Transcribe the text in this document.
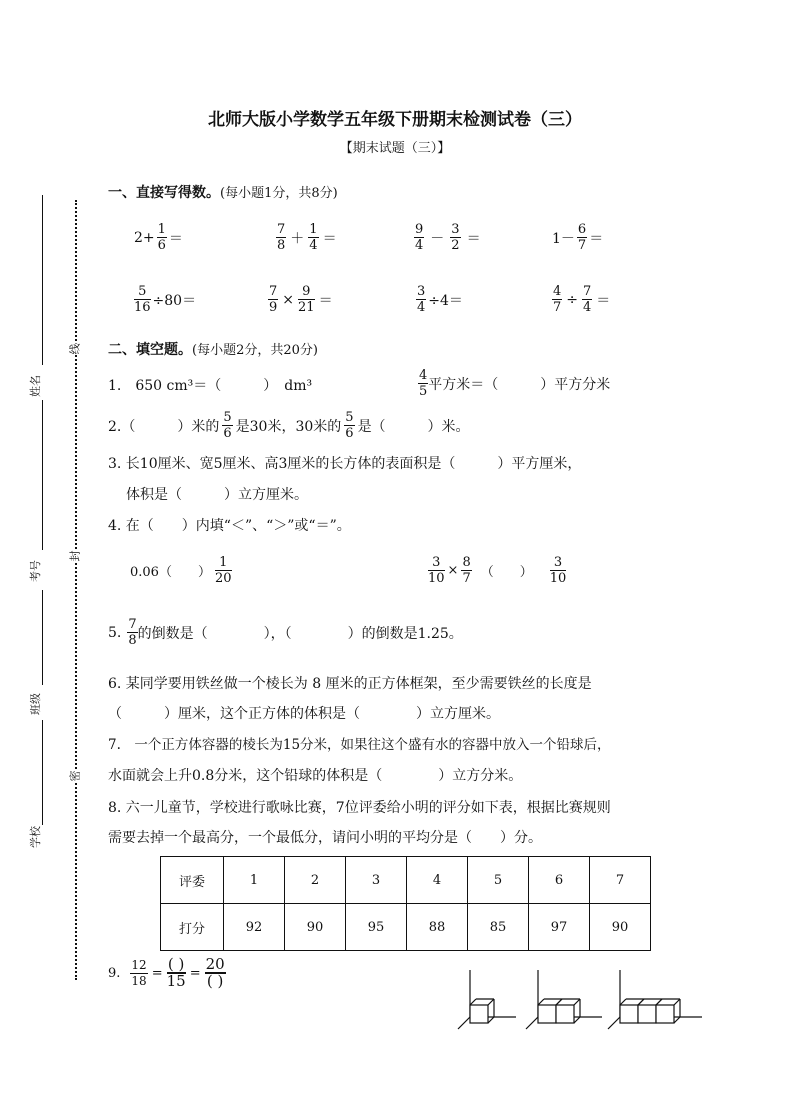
北师大版小学数学五年级下册期末检测试卷（三）
【期末试题（三）】
姓名
考号
班级
学校
线
封
密
一、直接写得数。(每小题1分，共8分)
$2+ \frac{1}{6}$ ＝
7
8 ＋
1
4 ＝
9
4 －
3
2 ＝	1－
6
7 ＝
$\frac{5}{16} \div 80=$	$\frac{7}{9} \times \frac{9}{21}$ ＝	$\frac{3}{4} \div 4=$	$\frac{4}{7} \div \frac{7}{4}$ ＝
二、填空题。(每小题2分，共20分)
1.　650 cm³＝（　　　）　dm³
4
5 平方米＝（　　　）平方分米
2.（　　　）米的
5
6 是30米，30米的
5
6 是（　　　）米。
3. 长10厘米、宽5厘米、高3厘米的长方体的表面积是（　　　）平方厘米，
体积是（　　　）立方厘米。
4. 在（　　）内填“＜”、“＞”或“＝”。
0.06（　　）
1
20	$\frac{3}{10} \times \frac{8}{7}$ （　　）
3
10
5. 7
8 的倒数是（　　　　），（　　　　）的倒数是1.25。
6. 某同学要用铁丝做一个棱长为 8 厘米的正方体框架，至少需要铁丝的长度是
（　　　）厘米，这个正方体的体积是（　　　　）立方厘米。
7.　一个正方体容器的棱长为15分米，如果往这个盛有水的容器中放入一个铅球后，
水面就会上升0.8分米，这个铅球的体积是（　　　　）立方分米。
8. 六一儿童节，学校进行歌咏比赛，7位评委给小明的评分如下表，根据比赛规则
需要去掉一个最高分，一个最低分，请问小明的平均分是（　　）分。
评委	1	2	3	4	5	6	7
打分	92	90	95	88	85	97	90
9. $\frac{12}{18}$ = ( )
15 = 20
( )
